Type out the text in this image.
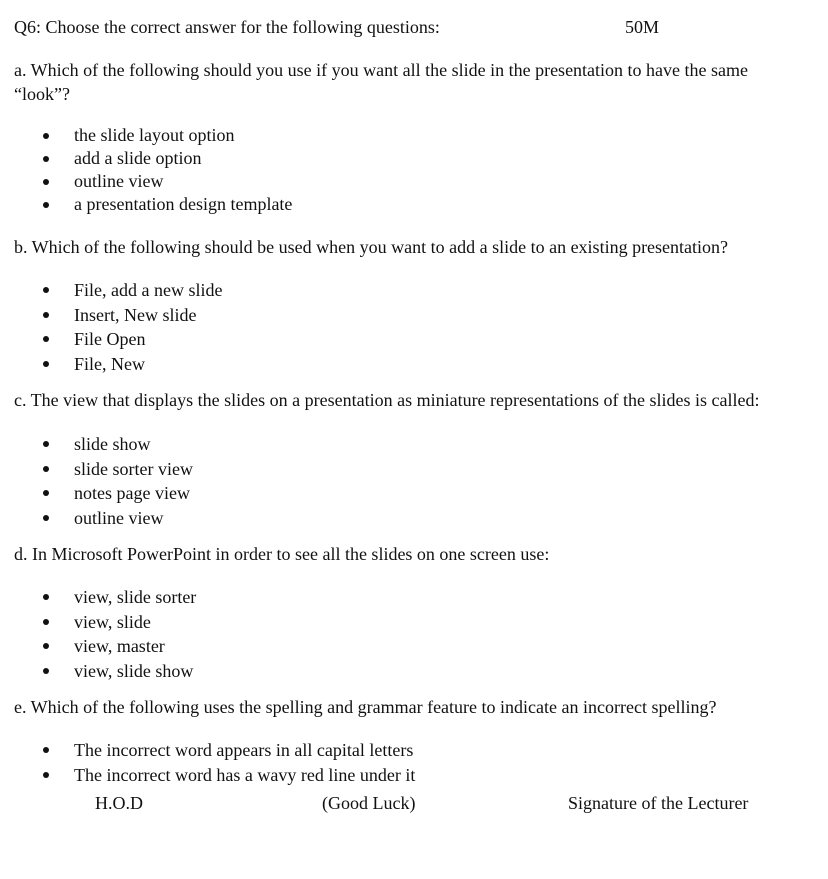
Q6: Choose the correct answer for the following questions:	50M
a. Which of the following should you use if you want all the slide in the presentation to have the same “look”?
the slide layout option
add a slide option
outline view
a presentation design template
b. Which of the following should be used when you want to add a slide to an existing presentation?
File, add a new slide
Insert, New slide
File Open
File, New
c. The view that displays the slides on a presentation as miniature representations of the slides is called:
slide show
slide sorter view
notes page view
outline view
d. In Microsoft PowerPoint in order to see all the slides on one screen use:
view, slide sorter
view, slide
view, master
view, slide show
e. Which of the following uses the spelling and grammar feature to indicate an incorrect spelling?
The incorrect word appears in all capital letters
The incorrect word has a wavy red line under it
H.O.D	(Good Luck)	Signature of the Lecturer
